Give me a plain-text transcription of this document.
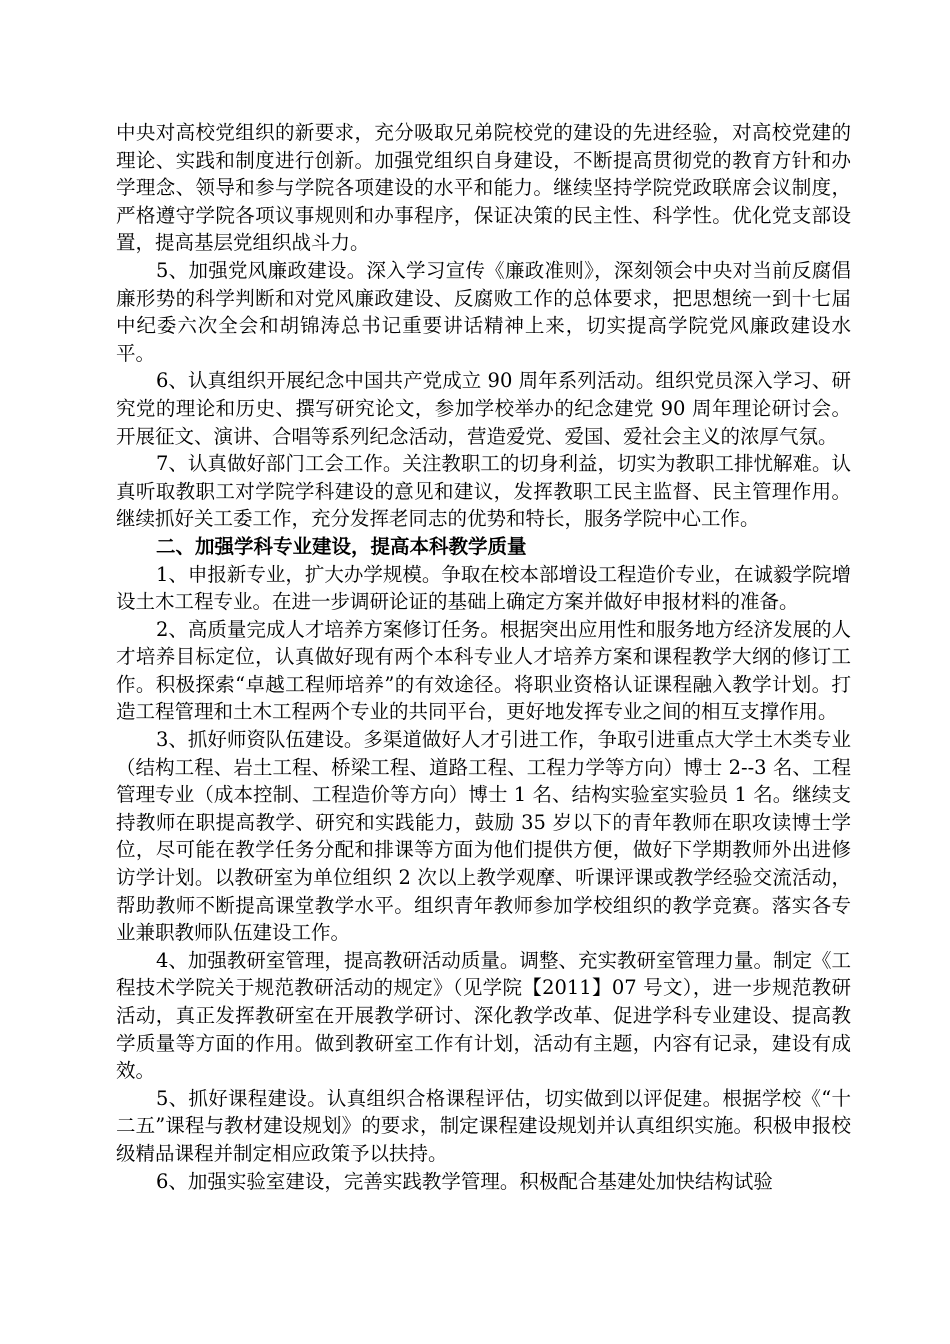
中央对高校党组织的新要求，充分吸取兄弟院校党的建设的先进经验，对高校党建的理论、实践和制度进行创新。加强党组织自身建设，不断提高贯彻党的教育方针和办学理念、领导和参与学院各项建设的水平和能力。继续坚持学院党政联席会议制度，严格遵守学院各项议事规则和办事程序，保证决策的民主性、科学性。优化党支部设置，提高基层党组织战斗力。

5、加强党风廉政建设。深入学习宣传《廉政准则》，深刻领会中央对当前反腐倡廉形势的科学判断和对党风廉政建设、反腐败工作的总体要求，把思想统一到十七届中纪委六次全会和胡锦涛总书记重要讲话精神上来，切实提高学院党风廉政建设水平。

6、认真组织开展纪念中国共产党成立 90 周年系列活动。组织党员深入学习、研究党的理论和历史、撰写研究论文，参加学校举办的纪念建党 90 周年理论研讨会。开展征文、演讲、合唱等系列纪念活动，营造爱党、爱国、爱社会主义的浓厚气氛。

7、认真做好部门工会工作。关注教职工的切身利益，切实为教职工排忧解难。认真听取教职工对学院学科建设的意见和建议，发挥教职工民主监督、民主管理作用。继续抓好关工委工作，充分发挥老同志的优势和特长，服务学院中心工作。

二、加强学科专业建设，提高本科教学质量

1、申报新专业，扩大办学规模。争取在校本部增设工程造价专业，在诚毅学院增设土木工程专业。在进一步调研论证的基础上确定方案并做好申报材料的准备。

2、高质量完成人才培养方案修订任务。根据突出应用性和服务地方经济发展的人才培养目标定位，认真做好现有两个本科专业人才培养方案和课程教学大纲的修订工作。积极探索“卓越工程师培养”的有效途径。将职业资格认证课程融入教学计划。打造工程管理和土木工程两个专业的共同平台，更好地发挥专业之间的相互支撑作用。

3、抓好师资队伍建设。多渠道做好人才引进工作，争取引进重点大学土木类专业（结构工程、岩土工程、桥梁工程、道路工程、工程力学等方向）博士 2--3 名、工程管理专业（成本控制、工程造价等方向）博士 1 名、结构实验室实验员 1 名。继续支持教师在职提高教学、研究和实践能力，鼓励 35 岁以下的青年教师在职攻读博士学位，尽可能在教学任务分配和排课等方面为他们提供方便，做好下学期教师外出进修访学计划。以教研室为单位组织 2 次以上教学观摩、听课评课或教学经验交流活动，帮助教师不断提高课堂教学水平。组织青年教师参加学校组织的教学竞赛。落实各专业兼职教师队伍建设工作。

4、加强教研室管理，提高教研活动质量。调整、充实教研室管理力量。制定《工程技术学院关于规范教研活动的规定》（见学院【2011】07 号文），进一步规范教研活动，真正发挥教研室在开展教学研讨、深化教学改革、促进学科专业建设、提高教学质量等方面的作用。做到教研室工作有计划，活动有主题，内容有记录，建设有成效。

5、抓好课程建设。认真组织合格课程评估，切实做到以评促建。根据学校《“十二五”课程与教材建设规划》的要求，制定课程建设规划并认真组织实施。积极申报校级精品课程并制定相应政策予以扶持。

6、加强实验室建设，完善实践教学管理。积极配合基建处加快结构试验
